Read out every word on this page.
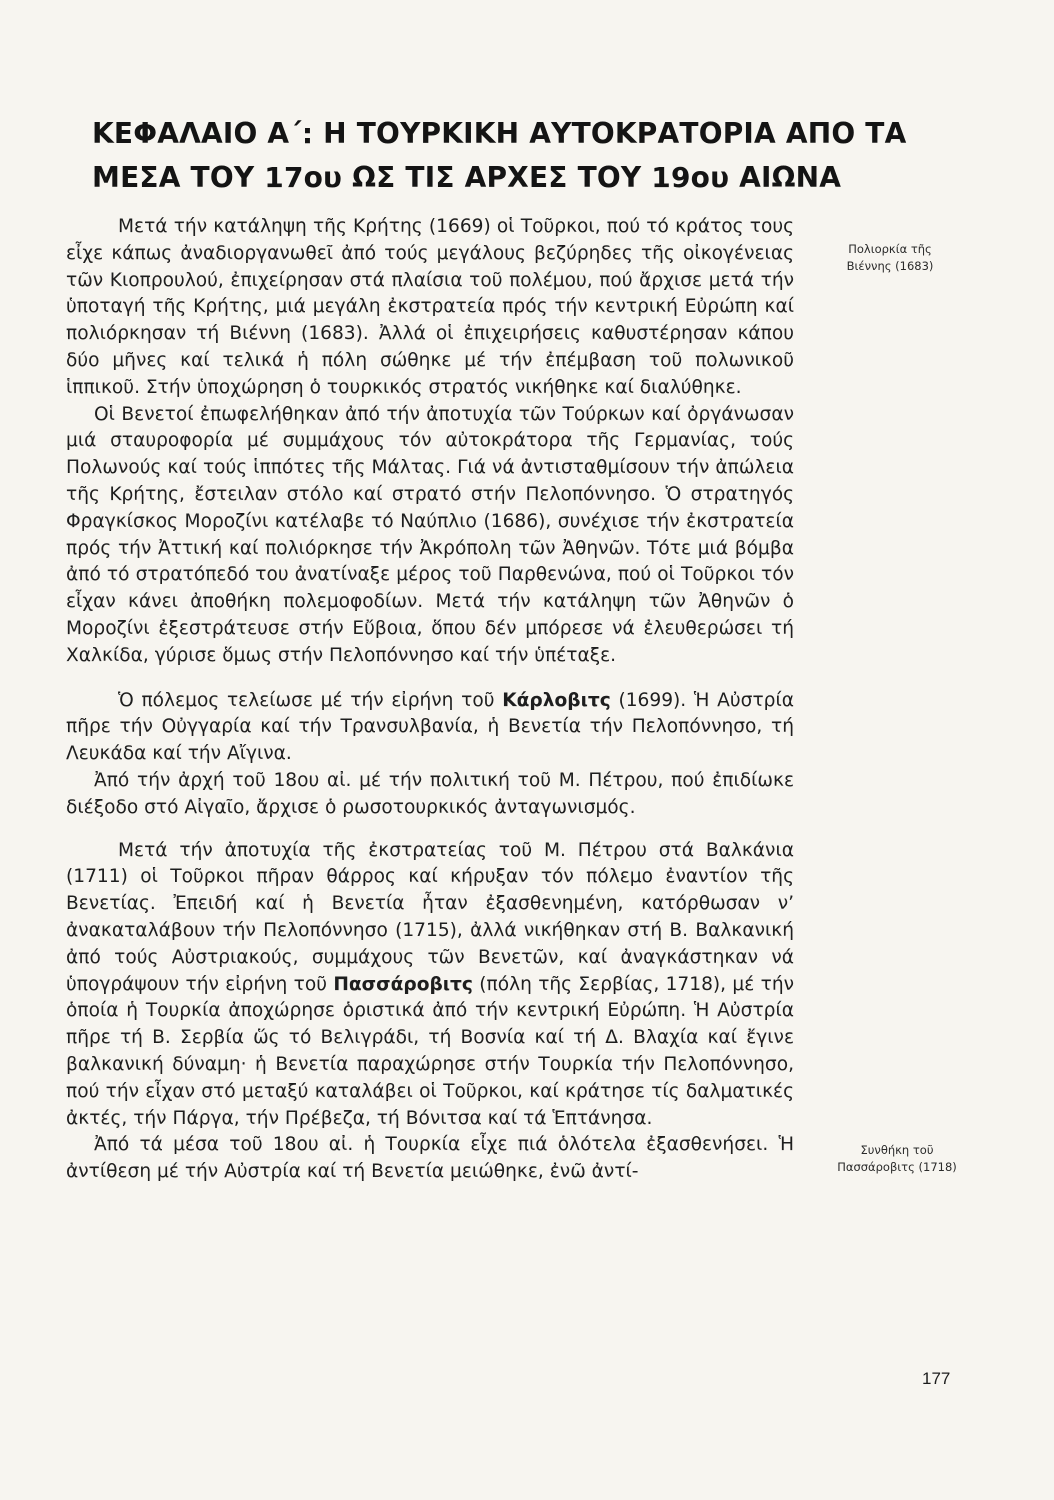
ΚΕΦΑΛΑΙΟ Α΄: Η ΤΟΥΡΚΙΚΗ ΑΥΤΟΚΡΑΤΟΡΙΑ ΑΠΟ ΤΑ
ΜΕΣΑ ΤΟΥ 17ου ΩΣ ΤΙΣ ΑΡΧΕΣ ΤΟΥ 19ου ΑΙΩΝΑ

Μετά τήν κατάληψη τῆς Κρήτης (1669) οἱ Τοῦρκοι, πού τό κράτος τους εἶχε κάπως ἀναδιοργανωθεῖ ἀπό τούς μεγάλους βεζύρηδες τῆς οἰκογένειας τῶν Κιοπρουλού, ἐπιχείρησαν στά πλαίσια τοῦ πολέμου, πού ἄρχισε μετά τήν ὑποταγή τῆς Κρήτης, μιά μεγάλη ἐκστρατεία πρός τήν κεντρική Εὐρώπη καί πολιόρκησαν τή Βιέννη (1683). Ἀλλά οἱ ἐπιχειρήσεις καθυστέρησαν κάπου δύο μῆνες καί τελικά ἡ πόλη σώθηκε μέ τήν ἐπέμβαση τοῦ πολωνικοῦ ἱππικοῦ. Στήν ὑποχώρηση ὁ τουρκικός στρατός νικήθηκε καί διαλύθηκε.

Οἱ Βενετοί ἐπωφελήθηκαν ἀπό τήν ἀποτυχία τῶν Τούρκων καί ὀργάνωσαν μιά σταυροφορία μέ συμμάχους τόν αὐτοκράτορα τῆς Γερμανίας, τούς Πολωνούς καί τούς ἱππότες τῆς Μάλτας. Γιά νά ἀντισταθμίσουν τήν ἀπώλεια τῆς Κρήτης, ἔστειλαν στόλο καί στρατό στήν Πελοπόννησο. Ὁ στρατηγός Φραγκίσκος Μοροζίνι κατέλαβε τό Ναύπλιο (1686), συνέχισε τήν ἐκστρατεία πρός τήν Ἀττική καί πολιόρκησε τήν Ἀκρόπολη τῶν Ἀθηνῶν. Τότε μιά βόμβα ἀπό τό στρατόπεδό του ἀνατίναξε μέρος τοῦ Παρθενώνα, πού οἱ Τοῦρκοι τόν εἶχαν κάνει ἀποθήκη πολεμοφοδίων. Μετά τήν κατάληψη τῶν Ἀθηνῶν ὁ Μοροζίνι ἐξεστράτευσε στήν Εὔβοια, ὅπου δέν μπόρεσε νά ἐλευθερώσει τή Χαλκίδα, γύρισε ὅμως στήν Πελοπόννησο καί τήν ὑπέταξε.

Ὁ πόλεμος τελείωσε μέ τήν εἰρήνη τοῦ Κάρλοβιτς (1699). Ἡ Αὐστρία πῆρε τήν Οὐγγαρία καί τήν Τρανσυλβανία, ἡ Βενετία τήν Πελοπόννησο, τή Λευκάδα καί τήν Αἴγινα.

Ἀπό τήν ἀρχή τοῦ 18ου αἰ. μέ τήν πολιτική τοῦ Μ. Πέτρου, πού ἐπιδίωκε διέξοδο στό Αἰγαῖο, ἄρχισε ὁ ρωσοτουρκικός ἀνταγωνισμός.

Μετά τήν ἀποτυχία τῆς ἐκστρατείας τοῦ Μ. Πέτρου στά Βαλκάνια (1711) οἱ Τοῦρκοι πῆραν θάρρος καί κήρυξαν τόν πόλεμο ἐναντίον τῆς Βενετίας. Ἐπειδή καί ἡ Βενετία ἦταν ἐξασθενημένη, κατόρθωσαν ν’ ἀνακαταλάβουν τήν Πελοπόννησο (1715), ἀλλά νικήθηκαν στή Β. Βαλκανική ἀπό τούς Αὐστριακούς, συμμάχους τῶν Βενετῶν, καί ἀναγκάστηκαν νά ὑπογράψουν τήν εἰρήνη τοῦ Πασσάροβιτς (πόλη τῆς Σερβίας, 1718), μέ τήν ὁποία ἡ Τουρκία ἀποχώρησε ὁριστικά ἀπό τήν κεντρική Εὐρώπη. Ἡ Αὐστρία πῆρε τή Β. Σερβία ὥς τό Βελιγράδι, τή Βοσνία καί τή Δ. Βλαχία καί ἔγινε βαλκανική δύναμη· ἡ Βενετία παραχώρησε στήν Τουρκία τήν Πελοπόννησο, πού τήν εἶχαν στό μεταξύ καταλάβει οἱ Τοῦρκοι, καί κράτησε τίς δαλματικές ἀκτές, τήν Πάργα, τήν Πρέβεζα, τή Βόνιτσα καί τά Ἑπτάνησα.

Ἀπό τά μέσα τοῦ 18ου αἰ. ἡ Τουρκία εἶχε πιά ὁλότελα ἐξασθενήσει. Ἡ ἀντίθεση μέ τήν Αὐστρία καί τή Βενετία μειώθηκε, ἐνῶ ἀντί-

Πολιορκία τῆς
Βιέννης (1683)
Συνθήκη τοῦ
Πασσάροβιτς (1718)
177
